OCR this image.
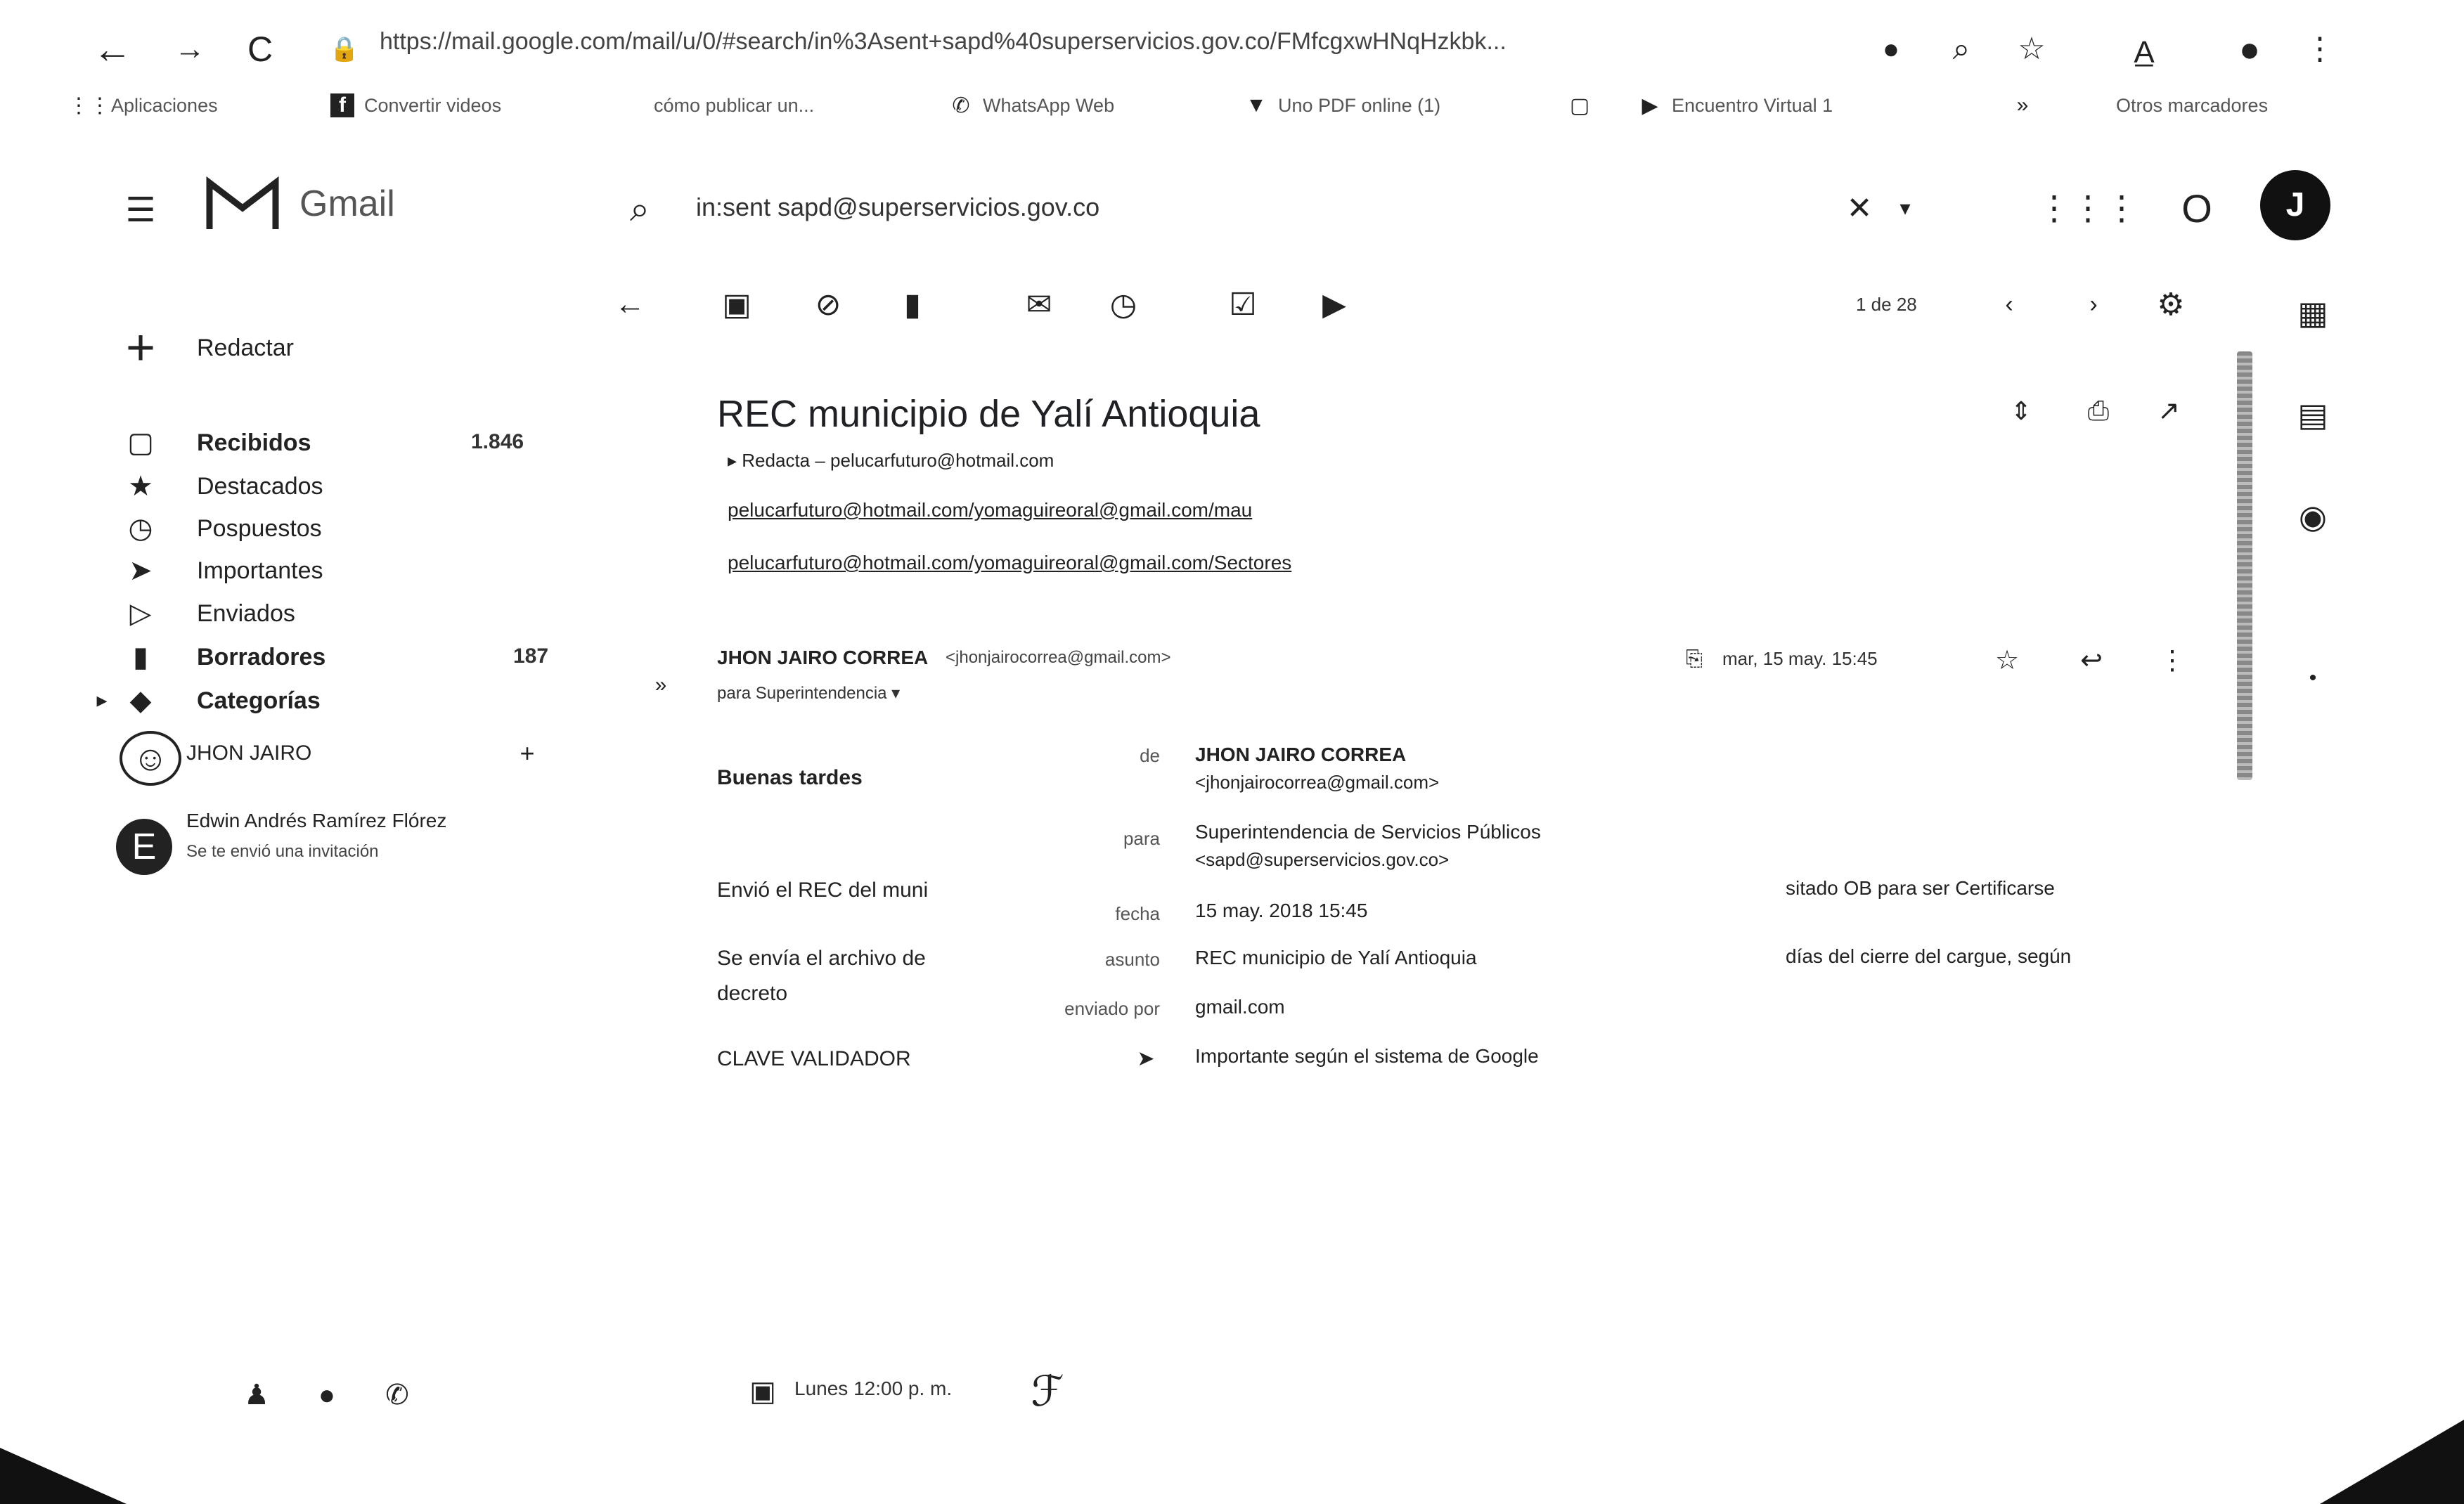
← → C	🔒 https://mail.google.com/mail/u/0/#search/in%3Asent+sapd%40superservicios.gov.co/FMfcgxwHNqHzkbk...	●	⌕	☆	A̲	●	⋮
⋮⋮ Aplicaciones	f Convertir videos	cómo publicar un...	✆ WhatsApp Web	▼ Uno PDF online (1)	▢ ▶ Encuentro Virtual 1	»	Otros marcadores
☰	Gmail	⌕	in:sent sapd@superservicios.gov.co	✕	▾	⋮⋮⋮ O	J
+	Redactar
▢ Recibidos	1.846
★ Destacados
◷ Pospuestos
➤ Importantes
▷ Enviados
▮	Borradores	187
▸ ◆ Categorías
☺ JHON JAIRO	+
E
Edwin Andrés Ramírez Flórez
Se te envió una invitación
♟	●	✆
← ▣ ⊘	▮	✉ ◷	☑ ▶	1 de 28	‹	›	⚙	▦
▤
◉
•
REC municipio de Yalí Antioquia	⇕ ⎙ ↗
▸ Redacta – pelucarfuturo@hotmail.com
pelucarfuturo@hotmail.com/yomaguireoral@gmail.com/mau
pelucarfuturo@hotmail.com/yomaguireoral@gmail.com/Sectores
»
JHON JAIRO CORREA <jhonjairocorrea@gmail.com>
para Superintendencia ▾
⎘	mar, 15 may. 15:45	☆ ↩ ⋮
de JHON JAIRO CORREA
<jhonjairocorrea@gmail.com>
para Superintendencia de Servicios Públicos
<sapd@superservicios.gov.co>
fecha 15 may. 2018 15:45
asunto REC municipio de Yalí Antioquia
enviado por gmail.com
➤ Importante según el sistema de Google
Buenas tardes
Envió el REC del muni
Se envía el archivo de
decreto
CLAVE VALIDADOR
sitado OB para ser Certificarse
días del cierre del cargue, según
▣ Lunes 12:00 p. m.	ℱ
